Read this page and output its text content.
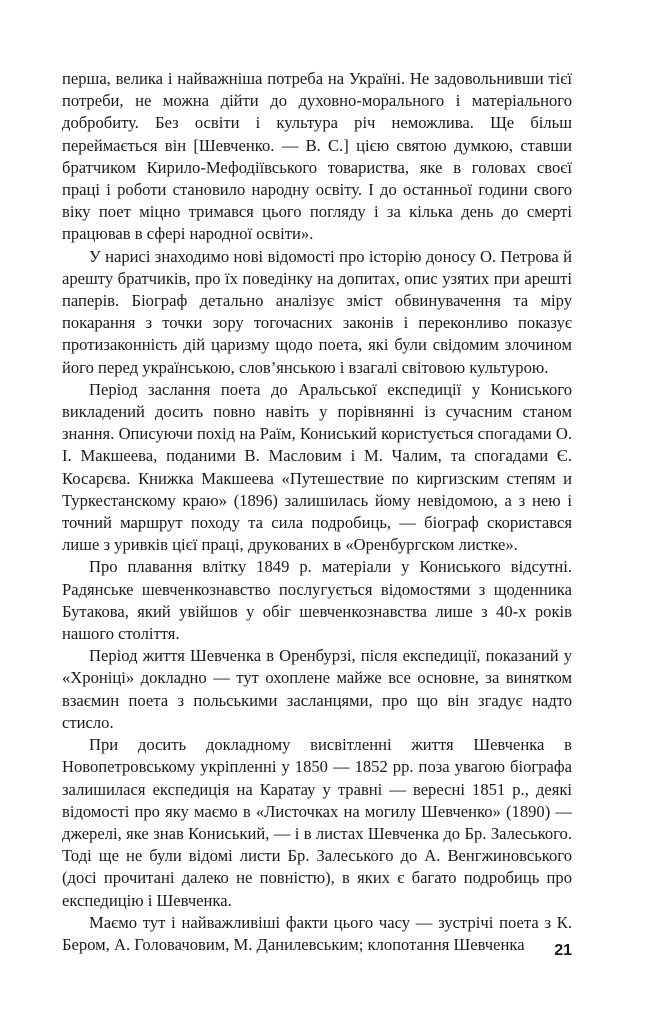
перша, велика і найважніша потреба на Україні. Не задовольнивши тієї потреби, не можна дійти до духовно-морального і матеріального добробиту. Без освіти і культура річ неможлива. Ще більш переймається він [Шевченко. — В. С.] цією святою думкою, ставши братчиком Кирило-Мефодіївського товариства, яке в головах своєї праці і роботи становило народну освіту. І до останньої години свого віку поет міцно тримався цього погляду і за кілька день до смерті працював в сфері народної освіти».

У нарисі знаходимо нові відомості про історію доносу О. Петрова й арешту братчиків, про їх поведінку на допитах, опис узятих при арешті паперів. Біограф детально аналізує зміст обвинувачення та міру покарання з точки зору тогочасних законів і переконливо показує протизаконність дій царизму щодо поета, які були свідомим злочином його перед українською, слов’янською і взагалі світовою культурою.

Період заслання поета до Аральської експедиції у Кониського викладений досить повно навіть у порівнянні із сучасним станом знання. Описуючи похід на Раїм, Кониський користується спогадами О. І. Макшеева, поданими В. Масловим і М. Чалим, та спогадами Є. Косарєва. Книжка Макшеева «Путешествие по киргизским степям и Туркестанскому краю» (1896) залишилась йому невідомою, а з нею і точний маршрут походу та сила подробиць, — біограф скористався лише з уривків цієї праці, друкованих в «Оренбургском листке».

Про плавання влітку 1849 р. матеріали у Кониського відсутні. Радянське шевченкознавство послугується відомостями з щоденника Бутакова, який увійшов у обіг шевченкознавства лише з 40-х років нашого століття.

Період життя Шевченка в Оренбурзі, після експедиції, показаний у «Хроніці» докладно — тут охоплене майже все основне, за винятком взаємин поета з польськими засланцями, про що він згадує надто стисло.

При досить докладному висвітленні життя Шевченка в Новопетровському укріпленні у 1850 — 1852 рр. поза увагою біографа залишилася експедиція на Каратау у травні — вересні 1851 р., деякі відомості про яку маємо в «Листочках на могилу Шевченко» (1890) — джерелі, яке знав Кониський, — і в листах Шевченка до Бр. Залеського. Тоді ще не були відомі листи Бр. Залеського до А. Венгжиновського (досі прочитані далеко не повністю), в яких є багато подробиць про експедицію і Шевченка.

Маємо тут і найважливіші факти цього часу — зустрічі поета з К. Бером, А. Головачовим, М. Данилевським; клопотання Шевченка	21
